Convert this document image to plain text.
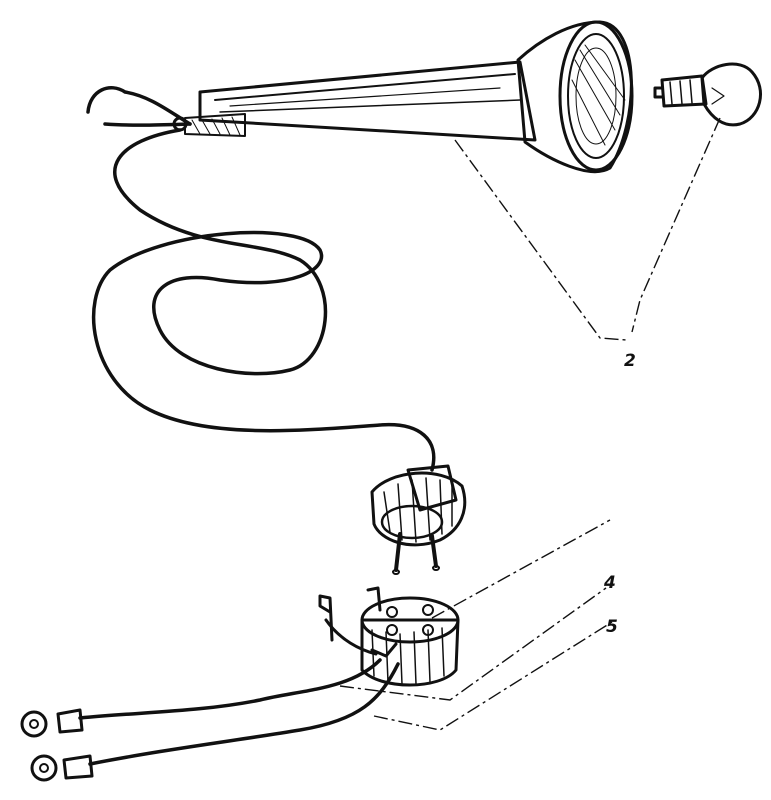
2
4
5
